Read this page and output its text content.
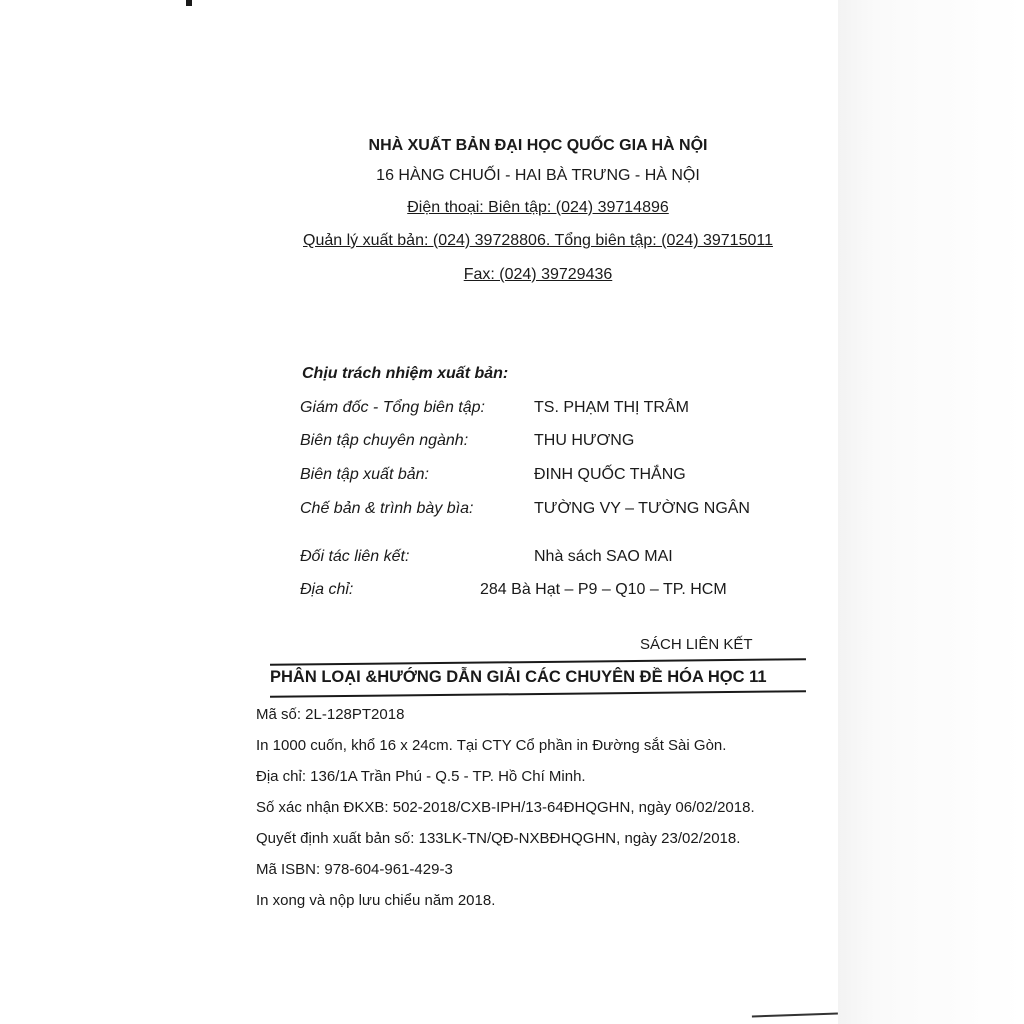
NHÀ XUẤT BẢN ĐẠI HỌC QUỐC GIA HÀ NỘI
16 HÀNG CHUỐI - HAI BÀ TRƯNG - HÀ NỘI
Điện thoại: Biên tập: (024) 39714896
Quản lý xuất bản: (024) 39728806. Tổng biên tập: (024) 39715011
Fax: (024) 39729436
Chịu trách nhiệm xuất bản:
Giám đốc - Tổng biên tập:	TS. PHẠM THỊ TRÂM
Biên tập chuyên ngành:	THU HƯƠNG
Biên tập xuất bản:	ĐINH QUỐC THẮNG
Chế bản & trình bày bìa:	TƯỜNG VY – TƯỜNG NGÂN
Đối tác liên kết:	Nhà sách SAO MAI
Địa chỉ:	284 Bà Hạt – P9 – Q10 – TP. HCM
SÁCH LIÊN KẾT
PHÂN LOẠI &HƯỚNG DẪN GIẢI CÁC CHUYÊN ĐỀ HÓA HỌC 11
Mã số: 2L-128PT2018
In 1000 cuốn, khổ 16 x 24cm. Tại CTY Cổ phần in Đường sắt Sài Gòn.
Địa chỉ: 136/1A Trần Phú - Q.5 - TP. Hồ Chí Minh.
Số xác nhận ĐKXB: 502-2018/CXB-IPH/13-64ĐHQGHN, ngày 06/02/2018.
Quyết định xuất bản số: 133LK-TN/QĐ-NXBĐHQGHN, ngày 23/02/2018.
Mã ISBN: 978-604-961-429-3
In xong và nộp lưu chiểu năm 2018.
